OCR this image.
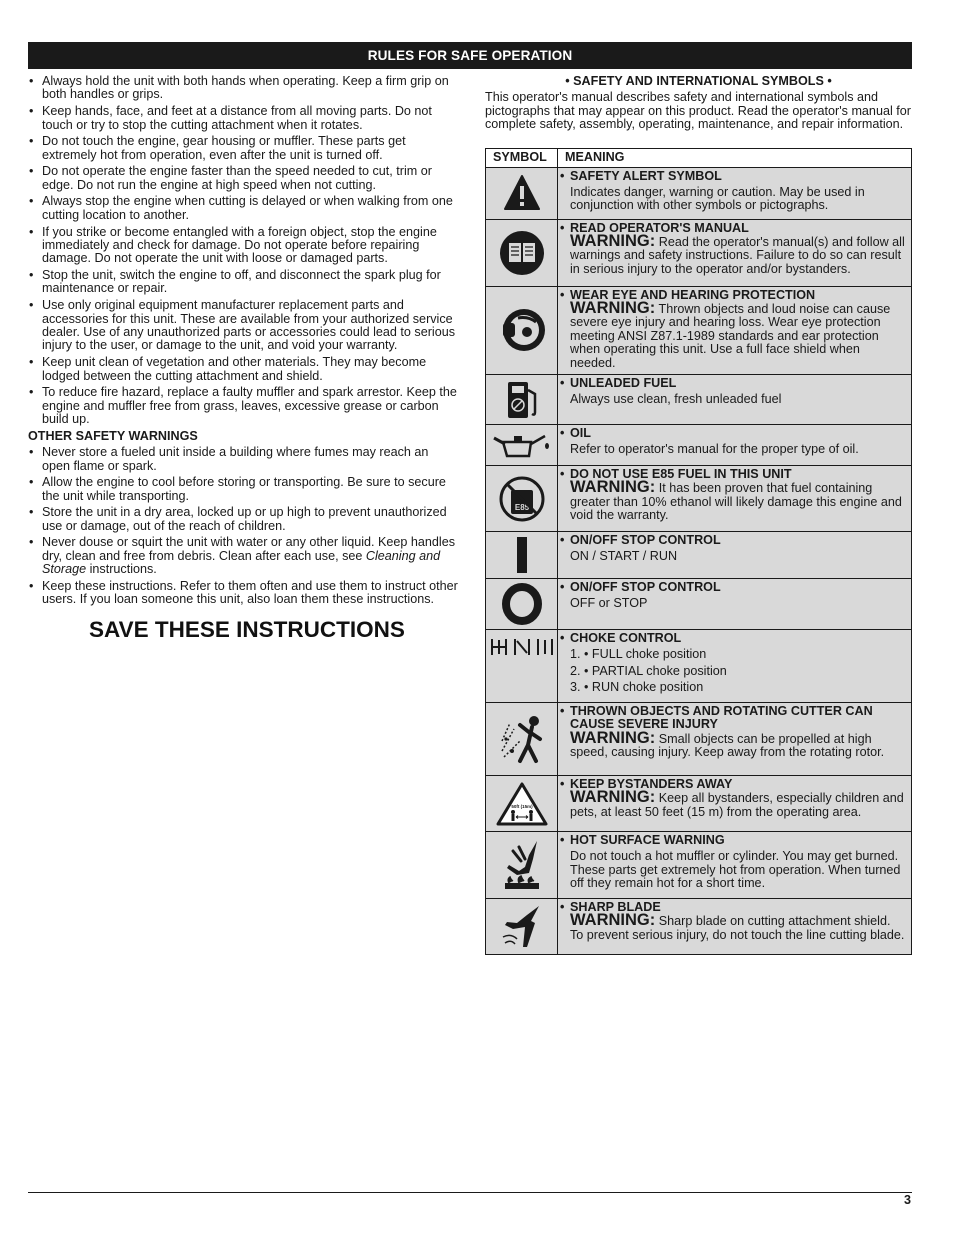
RULES FOR SAFE OPERATION
• Always hold the unit with both hands when operating. Keep a firm grip on both handles or grips.
• Keep hands, face, and feet at a distance from all moving parts. Do not touch or try to stop the cutting attachment when it rotates.
• Do not touch the engine, gear housing or muffler. These parts get extremely hot from operation, even after the unit is turned off.
• Do not operate the engine faster than the speed needed to cut, trim or edge. Do not run the engine at high speed when not cutting.
• Always stop the engine when cutting is delayed or when walking from one cutting location to another.
• If you strike or become entangled with a foreign object, stop the engine immediately and check for damage. Do not operate before repairing damage. Do not operate the unit with loose or damaged parts.
• Stop the unit, switch the engine to off, and disconnect the spark plug for maintenance or repair.
• Use only original equipment manufacturer replacement parts and accessories for this unit. These are available from your authorized service dealer. Use of any unauthorized parts or accessories could lead to serious injury to the user, or damage to the unit, and void your warranty.
• Keep unit clean of vegetation and other materials. They may become lodged between the cutting attachment and shield.
• To reduce fire hazard, replace a faulty muffler and spark arrestor. Keep the engine and muffler free from grass, leaves, excessive grease or carbon build up.
OTHER SAFETY WARNINGS
• Never store a fueled unit inside a building where fumes may reach an open flame or spark.
• Allow the engine to cool before storing or transporting. Be sure to secure the unit while transporting.
• Store the unit in a dry area, locked up or up high to prevent unauthorized use or damage, out of the reach of children.
• Never douse or squirt the unit with water or any other liquid. Keep handles dry, clean and free from debris. Clean after each use, see Cleaning and Storage instructions.
• Keep these instructions. Refer to them often and use them to instruct other users. If you loan someone this unit, also loan them these instructions.
SAVE THESE INSTRUCTIONS
• SAFETY AND INTERNATIONAL SYMBOLS •
This operator's manual describes safety and international symbols and pictographs that may appear on this product. Read the operator's manual for complete safety, assembly, operating, maintenance, and repair information.
SYMBOL	MEANING

• SAFETY ALERT SYMBOL
Indicates danger, warning or caution. May be used in conjunction with other symbols or pictographs.

• READ OPERATOR'S MANUAL
WARNING: Read the operator's manual(s) and follow all warnings and safety instructions. Failure to do so can result in serious injury to the operator and/or bystanders.

• WEAR EYE AND HEARING PROTECTION
WARNING: Thrown objects and loud noise can cause severe eye injury and hearing loss. Wear eye protection meeting ANSI Z87.1-1989 standards and ear protection when operating this unit. Use a full face shield when needed.

• UNLEADED FUEL
Always use clean, fresh unleaded fuel

• OIL
Refer to operator's manual for the proper type of oil.

E85	• DO NOT USE E85 FUEL IN THIS UNIT
WARNING: It has been proven that fuel containing greater than 10% ethanol will likely damage this engine and void the warranty.

• ON/OFF STOP CONTROL
ON / START / RUN

• ON/OFF STOP CONTROL
OFF or STOP

• CHOKE CONTROL
1. • FULL choke position
2. • PARTIAL choke position
3. • RUN choke position

• THROWN OBJECTS AND ROTATING CUTTER CAN CAUSE SEVERE INJURY
WARNING: Small objects can be propelled at high speed, causing injury. Keep away from the rotating rotor.

50ft (15m)	• KEEP BYSTANDERS AWAY
WARNING: Keep all bystanders, especially children and pets, at least 50 feet (15 m) from the operating area.

• HOT SURFACE WARNING
Do not touch a hot muffler or cylinder. You may get burned. These parts get extremely hot from operation. When turned off they remain hot for a short time.

• SHARP BLADE
WARNING: Sharp blade on cutting attachment shield. To prevent serious injury, do not touch the line cutting blade.
3
